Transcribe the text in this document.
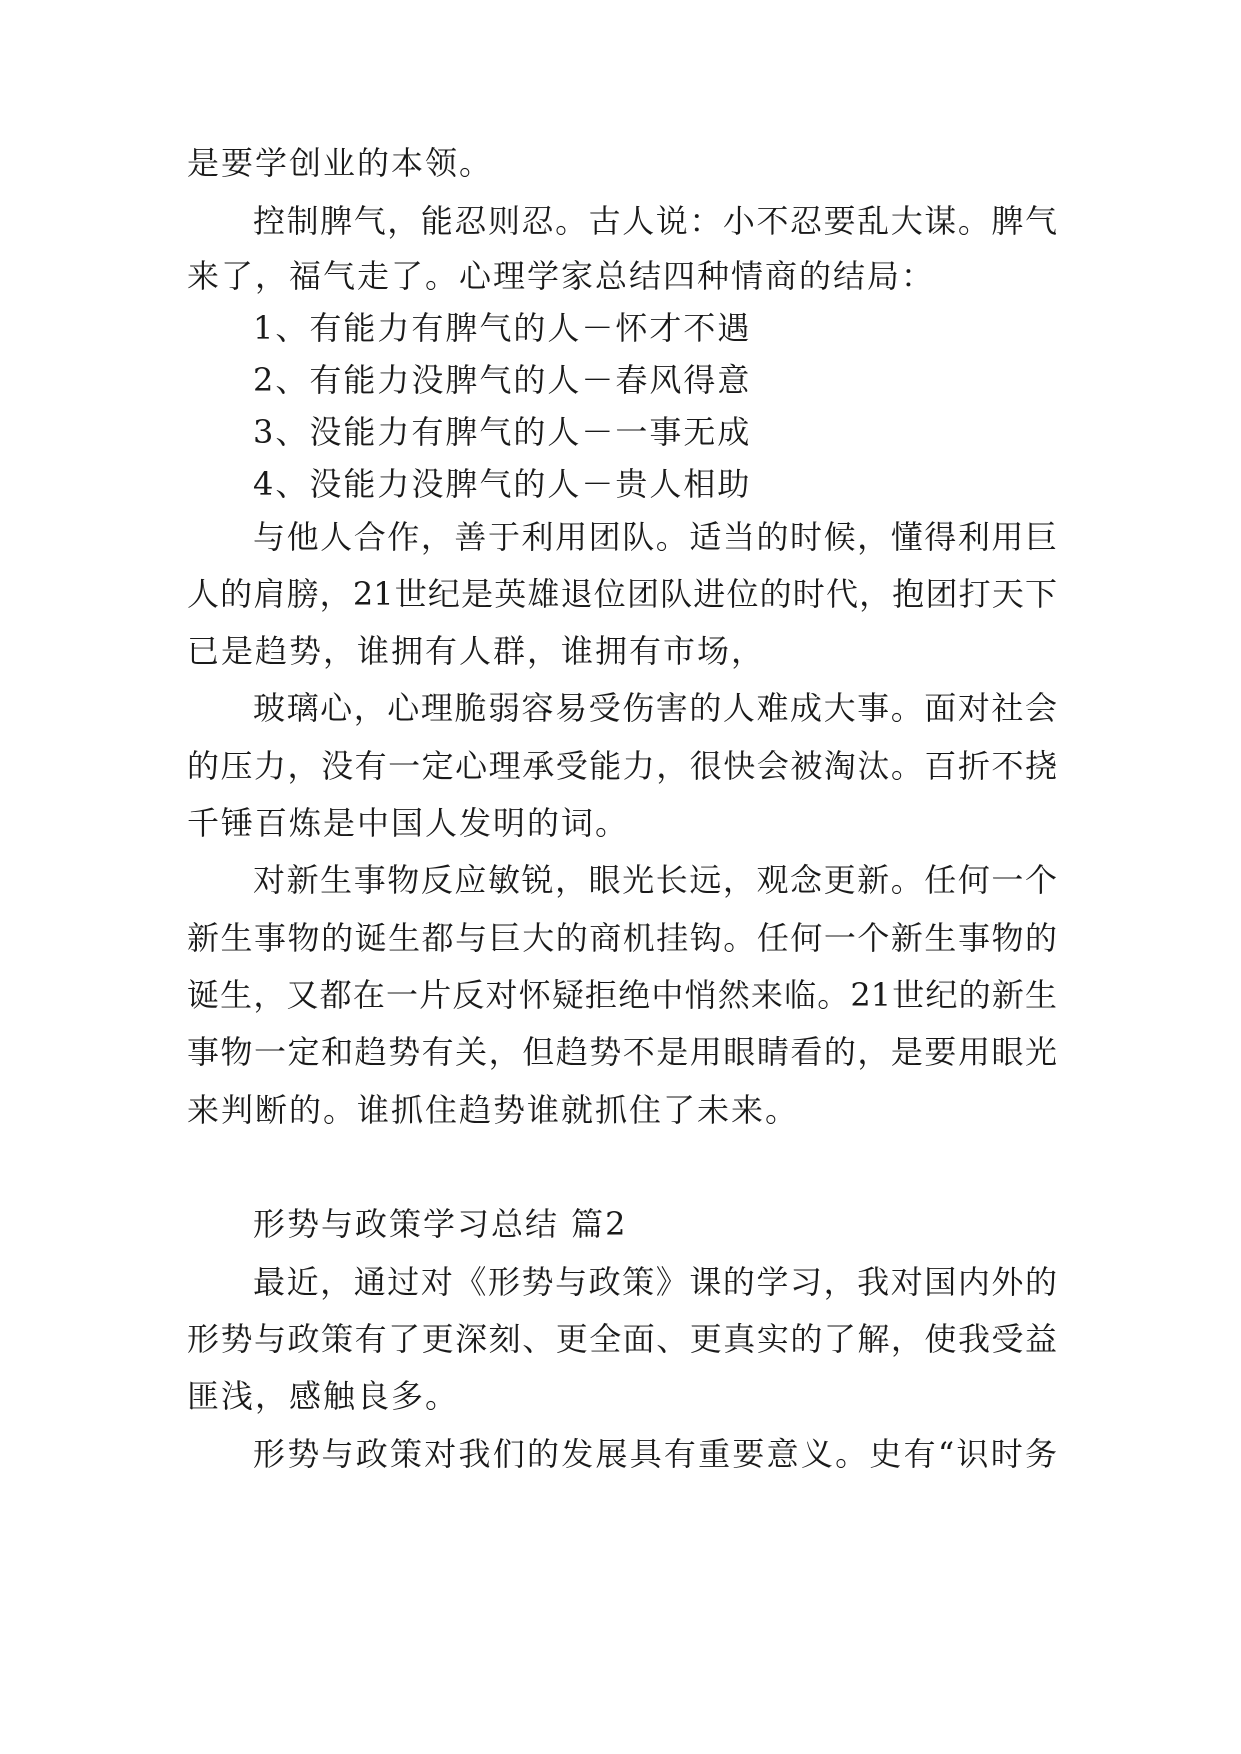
是要学创业的本领。

控制脾气，能忍则忍。古人说：小不忍要乱大谋。脾气

来了，福气走了。心理学家总结四种情商的结局：

1、有能力有脾气的人－怀才不遇

2、有能力没脾气的人－春风得意

3、没能力有脾气的人－一事无成

4、没能力没脾气的人－贵人相助

与他人合作，善于利用团队。适当的时候，懂得利用巨

人的肩膀，21世纪是英雄退位团队进位的时代，抱团打天下

已是趋势，谁拥有人群，谁拥有市场，

玻璃心，心理脆弱容易受伤害的人难成大事。面对社会

的压力，没有一定心理承受能力，很快会被淘汰。百折不挠

千锤百炼是中国人发明的词。

对新生事物反应敏锐，眼光长远，观念更新。任何一个

新生事物的诞生都与巨大的商机挂钩。任何一个新生事物的

诞生，又都在一片反对怀疑拒绝中悄然来临。21世纪的新生

事物一定和趋势有关，但趋势不是用眼睛看的，是要用眼光

来判断的。谁抓住趋势谁就抓住了未来。

形势与政策学习总结 篇2

最近，通过对《形势与政策》课的学习，我对国内外的

形势与政策有了更深刻、更全面、更真实的了解，使我受益

匪浅，感触良多。

形势与政策对我们的发展具有重要意义。史有“识时务
